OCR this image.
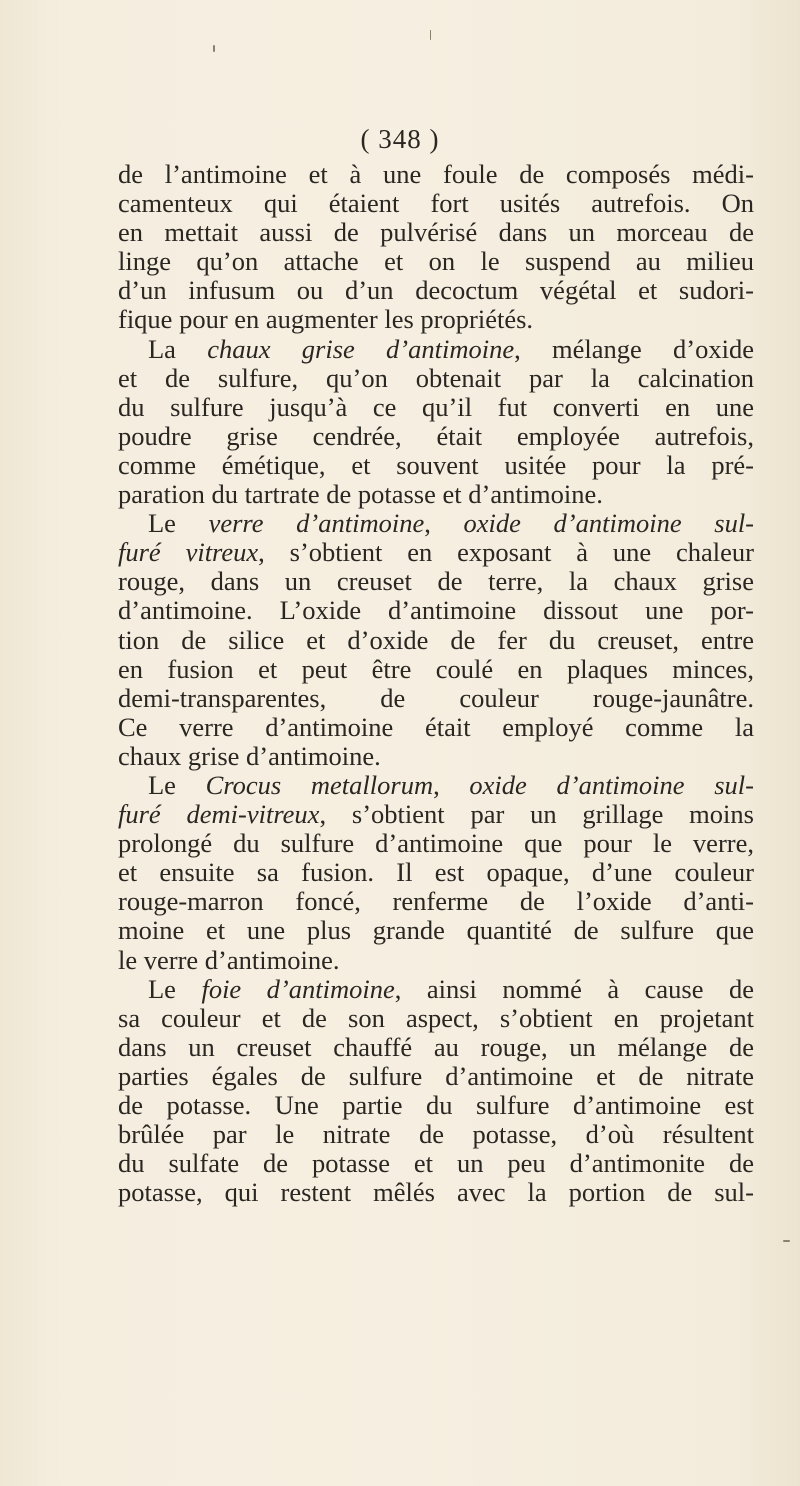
( 348 )
de l’antimoine et à une foule de composés médi-
camenteux qui étaient fort usités autrefois. On
en mettait aussi de pulvérisé dans un morceau de
linge qu’on attache et on le suspend au milieu
d’un infusum ou d’un decoctum végétal et sudori-
fique pour en augmenter les propriétés.
La chaux grise d’antimoine, mélange d’oxide
et de sulfure, qu’on obtenait par la calcination
du sulfure jusqu’à ce qu’il fut converti en une
poudre grise cendrée, était employée autrefois,
comme émétique, et souvent usitée pour la pré-
paration du tartrate de potasse et d’antimoine.
Le verre d’antimoine, oxide d’antimoine sul-
furé vitreux, s’obtient en exposant à une chaleur
rouge, dans un creuset de terre, la chaux grise
d’antimoine. L’oxide d’antimoine dissout une por-
tion de silice et d’oxide de fer du creuset, entre
en fusion et peut être coulé en plaques minces,
demi-transparentes, de couleur rouge-jaunâtre.
Ce verre d’antimoine était employé comme la
chaux grise d’antimoine.
Le Crocus metallorum, oxide d’antimoine sul-
furé demi-vitreux, s’obtient par un grillage moins
prolongé du sulfure d’antimoine que pour le verre,
et ensuite sa fusion. Il est opaque, d’une couleur
rouge-marron foncé, renferme de l’oxide d’anti-
moine et une plus grande quantité de sulfure que
le verre d’antimoine.
Le foie d’antimoine, ainsi nommé à cause de
sa couleur et de son aspect, s’obtient en projetant
dans un creuset chauffé au rouge, un mélange de
parties égales de sulfure d’antimoine et de nitrate
de potasse. Une partie du sulfure d’antimoine est
brûlée par le nitrate de potasse, d’où résultent
du sulfate de potasse et un peu d’antimonite de
potasse, qui restent mêlés avec la portion de sul-
